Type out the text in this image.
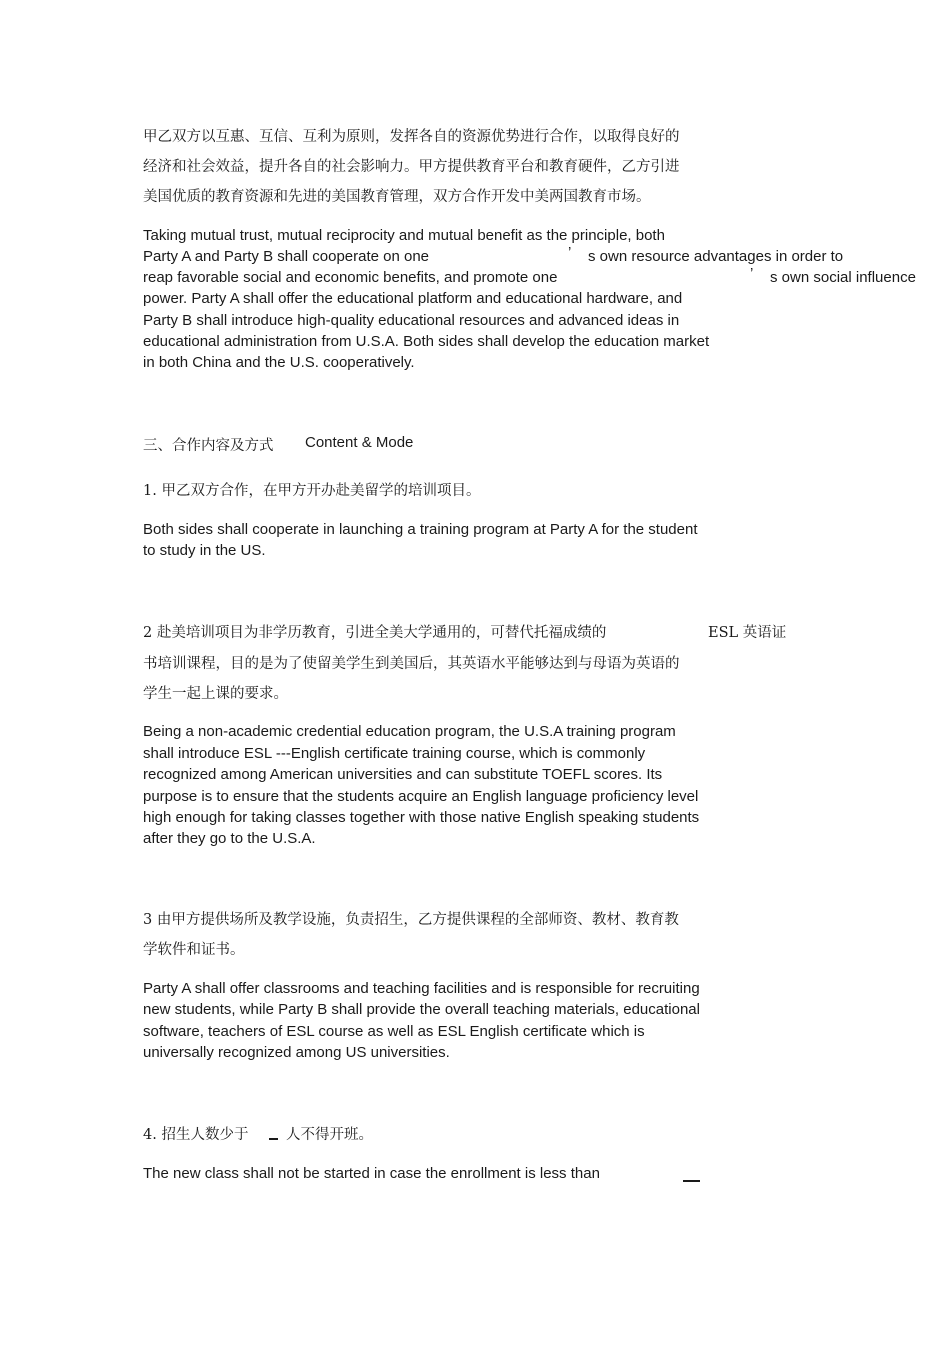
甲乙双方以互惠、互信、互利为原则，发挥各自的资源优势进行合作，以取得良好的
经济和社会效益，提升各自的社会影响力。甲方提供教育平台和教育硬件，乙方引进
美国优质的教育资源和先进的美国教育管理，双方合作开发中美两国教育市场。
Taking mutual trust, mutual reciprocity and mutual benefit as the principle, both
Party A and Party B shall cooperate on one	’ s own resource advantages in order to
reap favorable social and economic benefits, and promote one	’ s own social influence
power. Party A shall offer the educational platform and educational hardware, and
Party B shall introduce high-quality educational resources and advanced ideas in
educational administration from U.S.A. Both sides shall develop the education market
in both China and the U.S. cooperatively.
三、合作内容及方式 Content & Mode
1. 甲乙双方合作，在甲方开办赴美留学的培训项目。
Both sides shall cooperate in launching a training program at Party A for the student
to study in the US.
2 赴美培训项目为非学历教育，引进全美大学通用的，可替代托福成绩的	ESL 英语证
书培训课程，目的是为了使留美学生到美国后，其英语水平能够达到与母语为英语的
学生一起上课的要求。
Being a non-academic credential education program, the U.S.A training program
shall introduce ESL ---English certificate training course, which is commonly
recognized among American universities and can substitute TOEFL scores. Its
purpose is to ensure that the students acquire an English language proficiency level
high enough for taking classes together with those native English speaking students
after they go to the U.S.A.
3 由甲方提供场所及教学设施，负责招生，乙方提供课程的全部师资、教材、教育教
学软件和证书。
Party A shall offer classrooms and teaching facilities and is responsible for recruiting
new students, while Party B shall provide the overall teaching materials, educational
software, teachers of ESL course as well as ESL English certificate which is
universally recognized among US universities.
4. 招生人数少于	人不得开班。
The new class shall not be started in case the enrollment is less than
